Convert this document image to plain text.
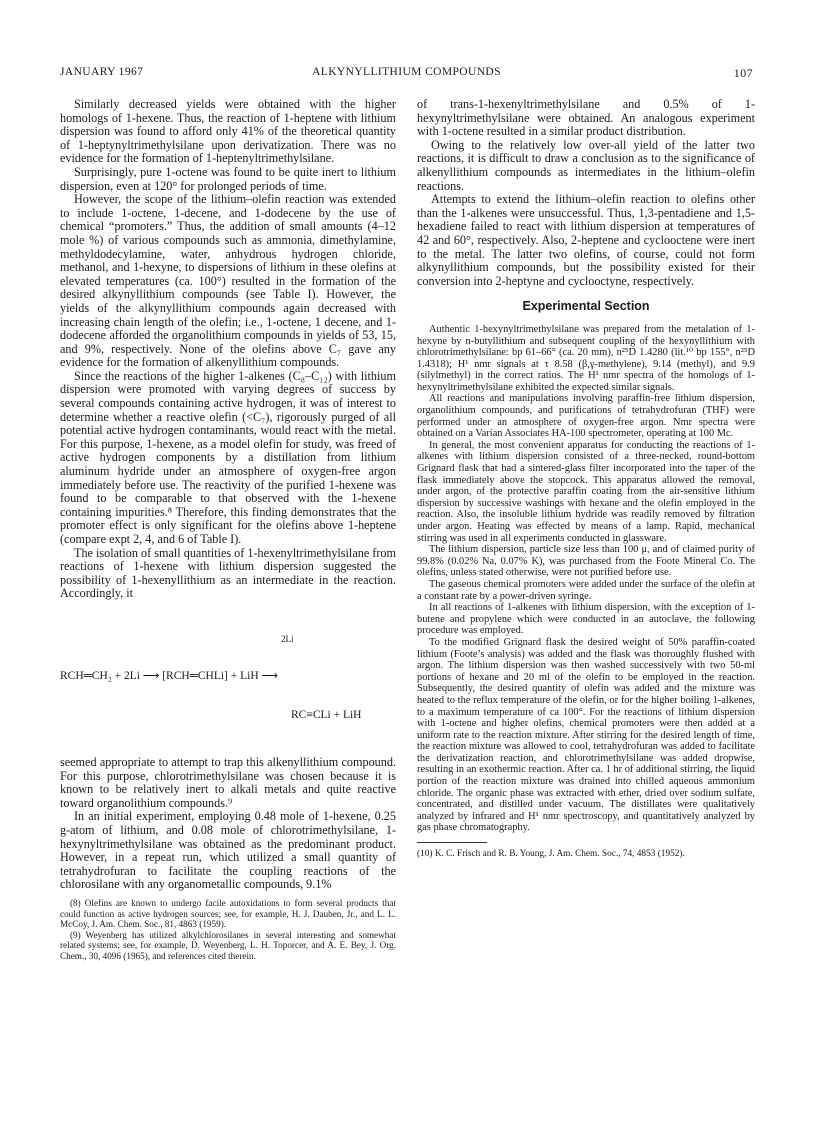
JANUARY 1967	ALKYNYLLITHIUM COMPOUNDS	107

Similarly decreased yields were obtained with the higher homologs of 1-hexene. Thus, the reaction of 1-heptene with lithium dispersion was found to afford only 41% of the theoretical quantity of 1-heptynyltrimethylsilane upon derivatization. There was no evidence for the formation of 1-heptenyltrimethylsilane.

Surprisingly, pure 1-octene was found to be quite inert to lithium dispersion, even at 120° for prolonged periods of time.

However, the scope of the lithium–olefin reaction was extended to include 1-octene, 1-decene, and 1-dodecene by the use of chemical “promoters.” Thus, the addition of small amounts (4–12 mole %) of various compounds such as ammonia, dimethylamine, methyldodecylamine, water, anhydrous hydrogen chloride, methanol, and 1-hexyne, to dispersions of lithium in these olefins at elevated temperatures (ca. 100°) resulted in the formation of the desired alkynyllithium compounds (see Table I). However, the yields of the alkynyllithium compounds again decreased with increasing chain length of the olefin; i.e., 1-octene, 1 decene, and 1-dodecene afforded the organolithium compounds in yields of 53, 15, and 9%, respectively. None of the olefins above C₇ gave any evidence for the formation of alkenyllithium compounds.

Since the reactions of the higher 1-alkenes (C₈–C₁₂) with lithium dispersion were promoted with varying degrees of success by several compounds containing active hydrogen, it was of interest to determine whether a reactive olefin (<C₇), rigorously purged of all potential active hydrogen contaminants, would react with the metal. For this purpose, 1-hexene, as a model olefin for study, was freed of active hydrogen components by a distillation from lithium aluminum hydride under an atmosphere of oxygen-free argon immediately before use. The reactivity of the purified 1-hexene was found to be comparable to that observed with the 1-hexene containing impurities.⁸ Therefore, this finding demonstrates that the promoter effect is only significant for the olefins above 1-heptene (compare expt 2, 4, and 6 of Table I).

The isolation of small quantities of 1-hexenyltrimethylsilane from reactions of 1-hexene with lithium dispersion suggested the possibility of 1-hexenyllithium as an intermediate in the reaction. Accordingly, it

2Li

RCH═CH₂ + 2Li ⟶ [RCH═CHLi] + LiH ⟶

RC≡CLi + LiH

seemed appropriate to attempt to trap this alkenyllithium compound. For this purpose, chlorotrimethylsilane was chosen because it is known to be relatively inert to alkali metals and quite reactive toward organolithium compounds.⁹

In an initial experiment, employing 0.48 mole of 1-hexene, 0.25 g-atom of lithium, and 0.08 mole of chlorotrimethylsilane, 1-hexynyltrimethylsilane was obtained as the predominant product. However, in a repeat run, which utilized a small quantity of tetrahydrofuran to facilitate the coupling reactions of the chlorosilane with any organometallic compounds, 9.1%

(8) Olefins are known to undergo facile autoxidations to form several products that could function as active hydrogen sources; see, for example, H. J. Dauben, Jr., and L. L. McCoy, J. Am. Chem. Soc., 81, 4863 (1959).

(9) Weyenberg has utilized alkylchlorosilanes in several interesting and somewhat related systems; see, for example, D. Weyenberg, L. H. Toporcer, and A. E. Bey, J. Org. Chem., 30, 4096 (1965), and references cited therein.

of trans-1-hexenyltrimethylsilane and 0.5% of 1-hexynyltrimethylsilane were obtained. An analogous experiment with 1-octene resulted in a similar product distribution.

Owing to the relatively low over-all yield of the latter two reactions, it is difficult to draw a conclusion as to the significance of alkenyllithium compounds as intermediates in the lithium–olefin reactions.

Attempts to extend the lithium–olefin reaction to olefins other than the 1-alkenes were unsuccessful. Thus, 1,3-pentadiene and 1,5-hexadiene failed to react with lithium dispersion at temperatures of 42 and 60°, respectively. Also, 2-heptene and cyclooctene were inert to the metal. The latter two olefins, of course, could not form alkynyllithium compounds, but the possibility existed for their conversion into 2-heptyne and cyclooctyne, respectively.

Experimental Section

Authentic 1-hexynyltrimethylsilane was prepared from the metalation of 1-hexyne by n-butyllithium and subsequent coupling of the hexynyllithium with chlorotrimethylsilane: bp 61–66° (ca. 20 mm), n²⁵D 1.4280 (lit.¹⁰ bp 155°, n²⁵D 1.4318); H¹ nmr signals at τ 8.58 (β,γ-methylene), 9.14 (methyl), and 9.9 (silylmethyl) in the correct ratios. The H¹ nmr spectra of the homologs of 1-hexynyltrimethylsilane exhibited the expected similar signals.

All reactions and manipulations involving paraffin-free lithium dispersion, organolithium compounds, and purifications of tetrahydrofuran (THF) were performed under an atmosphere of oxygen-free argon. Nmr spectra were obtained on a Varian Associates HA-100 spectrometer, operating at 100 Mc.

In general, the most convenient apparatus for conducting the reactions of 1-alkenes with lithium dispersion consisted of a three-necked, round-bottom Grignard flask that had a sintered-glass filter incorporated into the taper of the flask immediately above the stopcock. This apparatus allowed the removal, under argon, of the protective paraffin coating from the air-sensitive lithium dispersion by successive washings with hexane and the olefin employed in the reaction. Also, the insoluble lithium hydride was readily removed by filtration under argon. Heating was effected by means of a lamp. Rapid, mechanical stirring was used in all experiments conducted in glassware.

The lithium dispersion, particle size less than 100 μ, and of claimed purity of 99.8% (0.02% Na, 0.07% K), was purchased from the Foote Mineral Co. The olefins, unless stated otherwise, were not purified before use.

The gaseous chemical promoters were added under the surface of the olefin at a constant rate by a power-driven syringe.

In all reactions of 1-alkenes with lithium dispersion, with the exception of 1-butene and propylene which were conducted in an autoclave, the following procedure was employed.

To the modified Grignard flask the desired weight of 50% paraffin-coated lithium (Foote’s analysis) was added and the flask was thoroughly flushed with argon. The lithium dispersion was then washed successively with two 50-ml portions of hexane and 20 ml of the olefin to be employed in the reaction. Subsequently, the desired quantity of olefin was added and the mixture was heated to the reflux temperature of the olefin, or for the higher boiling 1-alkenes, to a maximum temperature of ca 100°. For the reactions of lithium dispersion with 1-octene and higher olefins, chemical promoters were then added at a uniform rate to the reaction mixture. After stirring for the desired length of time, the reaction mixture was allowed to cool, tetrahydrofuran was added to facilitate the derivatization reaction, and chlorotrimethylsilane was added dropwise, resulting in an exothermic reaction. After ca. 1 hr of additional stirring, the liquid portion of the reaction mixture was drained into chilled aqueous ammonium chloride. The organic phase was extracted with ether, dried over sodium sulfate, concentrated, and distilled under vacuum. The distillates were qualitatively analyzed by infrared and H¹ nmr spectroscopy, and quantitatively analyzed by gas phase chromatography.

(10) K. C. Frisch and R. B. Young, J. Am. Chem. Soc., 74, 4853 (1952).
